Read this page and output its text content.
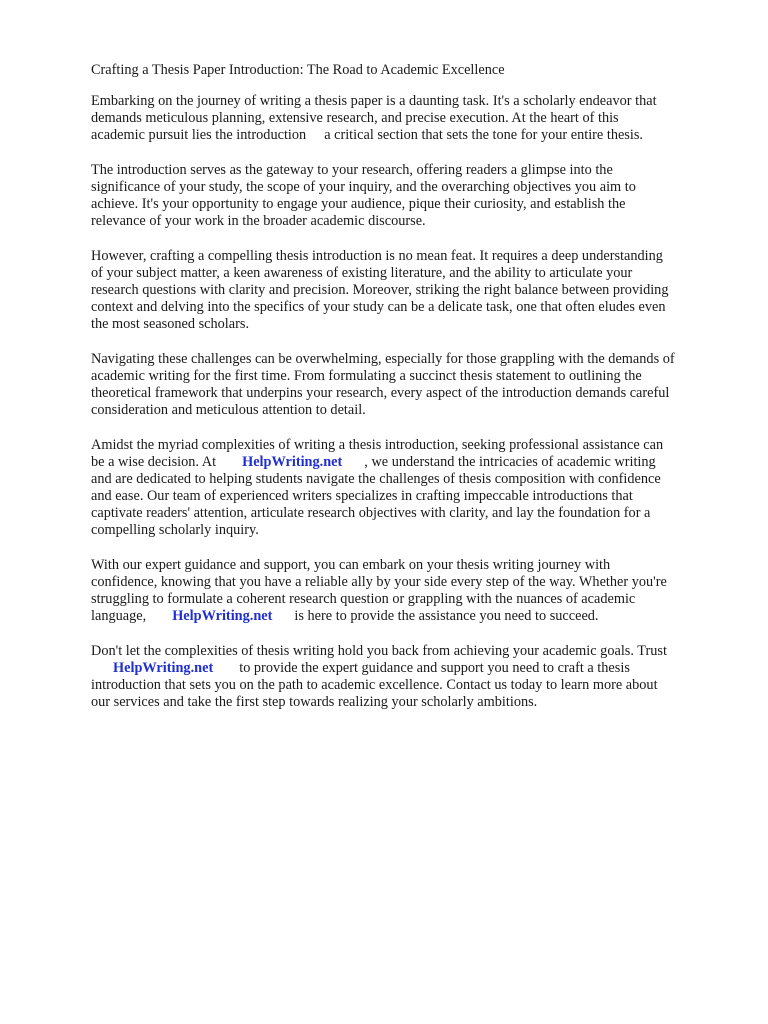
Crafting a Thesis Paper Introduction: The Road to Academic Excellence

Embarking on the journey of writing a thesis paper is a daunting task. It's a scholarly endeavor that
demands meticulous planning, extensive research, and precise execution. At the heart of this
academic pursuit lies the introduction a critical section that sets the tone for your entire thesis.

The introduction serves as the gateway to your research, offering readers a glimpse into the
significance of your study, the scope of your inquiry, and the overarching objectives you aim to
achieve. It's your opportunity to engage your audience, pique their curiosity, and establish the
relevance of your work in the broader academic discourse.

However, crafting a compelling thesis introduction is no mean feat. It requires a deep understanding
of your subject matter, a keen awareness of existing literature, and the ability to articulate your
research questions with clarity and precision. Moreover, striking the right balance between providing
context and delving into the specifics of your study can be a delicate task, one that often eludes even
the most seasoned scholars.

Navigating these challenges can be overwhelming, especially for those grappling with the demands of
academic writing for the first time. From formulating a succinct thesis statement to outlining the
theoretical framework that underpins your research, every aspect of the introduction demands careful
consideration and meticulous attention to detail.

Amidst the myriad complexities of writing a thesis introduction, seeking professional assistance can
be a wise decision. At HelpWriting.net , we understand the intricacies of academic writing
and are dedicated to helping students navigate the challenges of thesis composition with confidence
and ease. Our team of experienced writers specializes in crafting impeccable introductions that
captivate readers' attention, articulate research objectives with clarity, and lay the foundation for a
compelling scholarly inquiry.

With our expert guidance and support, you can embark on your thesis writing journey with
confidence, knowing that you have a reliable ally by your side every step of the way. Whether you're
struggling to formulate a coherent research question or grappling with the nuances of academic
language, HelpWriting.net is here to provide the assistance you need to succeed.

Don't let the complexities of thesis writing hold you back from achieving your academic goals. Trust
HelpWriting.net to provide the expert guidance and support you need to craft a thesis
introduction that sets you on the path to academic excellence. Contact us today to learn more about
our services and take the first step towards realizing your scholarly ambitions.
